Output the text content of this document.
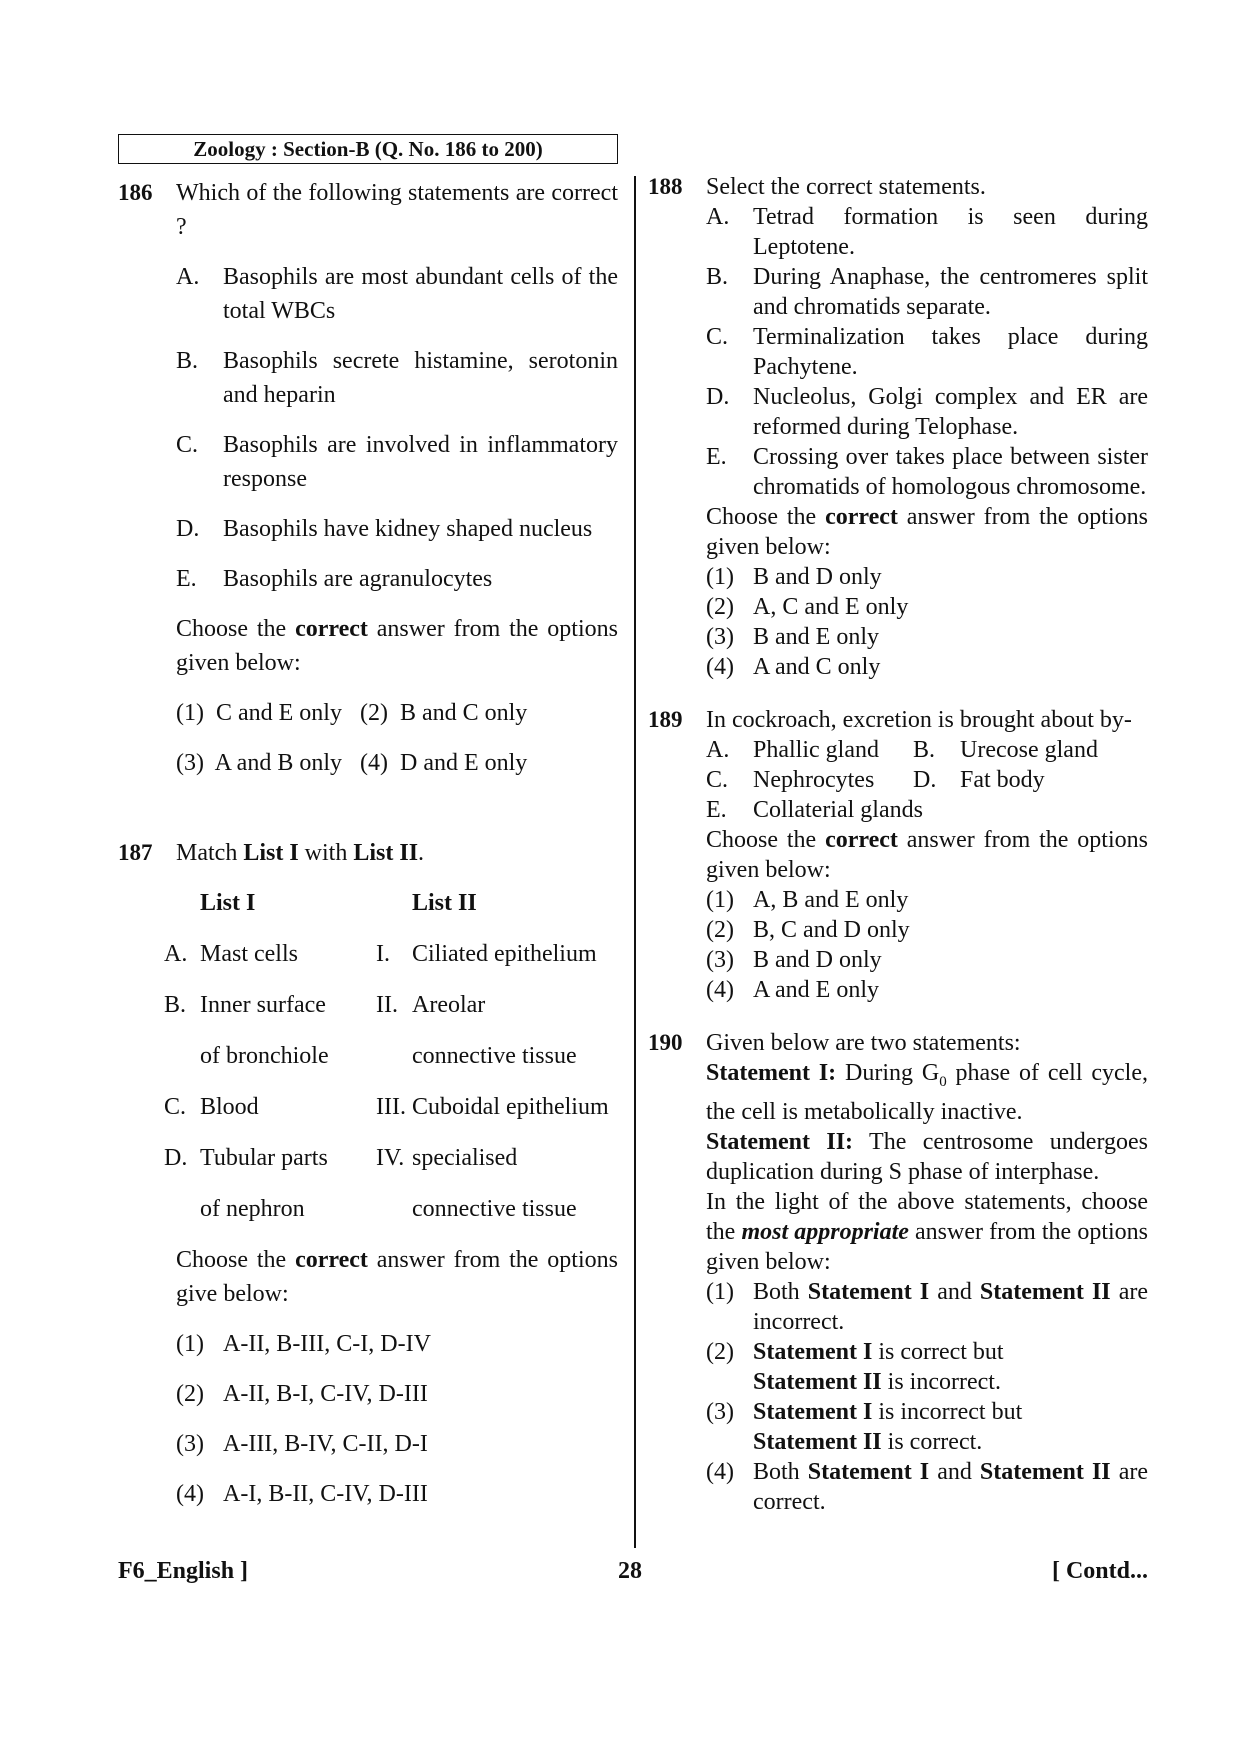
Zoology : Section-B (Q. No. 186 to 200)
186 Which of the following statements are correct ?
A. Basophils are most abundant cells of the total WBCs
B.	Basophils secrete histamine, serotonin and heparin
C.	Basophils are involved in inflammatory response
D. Basophils have kidney shaped nucleus
E.	Basophils are agranulocytes
Choose the correct answer from the options given below:
(1)  C and E only   (2)  B and C only
(3)  A and B only   (4)  D and E only
187 Match List I with List II.
List I	List II
A. Mast cells	I. Ciliated epithelium
B. Inner surface	II. Areolar
of bronchiole	connective tissue
C. Blood	III. Cuboidal epithelium
D. Tubular parts	IV. specialised
of nephron	connective tissue
Choose the correct answer from the options give below:
(1) A-II, B-III, C-I, D-IV
(2) A-II, B-I, C-IV, D-III
(3) A-III, B-IV, C-II, D-I
(4) A-I, B-II, C-IV, D-III
188 Select the correct statements.
A. Tetrad formation is seen during Leptotene.
B.	During Anaphase, the centromeres split and chromatids separate.
C.	Terminalization takes place during Pachytene.
D. Nucleolus, Golgi complex and ER are reformed during Telophase.
E.	Crossing over takes place between sister chromatids of homologous chromosome.
Choose the correct answer from the options given below:
(1) B and D only
(2) A, C and E only
(3) B and E only
(4) A and C only
189 In cockroach, excretion is brought about by-
A. Phallic gland	B.	Urecose gland
C.	Nephrocytes	D. Fat body
E.	Collaterial glands
Choose the correct answer from the options given below:
(1) A, B and E only
(2) B, C and D only
(3) B and D only
(4) A and E only
190 Given below are two statements:
Statement I: During $G_0$ phase of cell cycle, the cell is metabolically inactive.
Statement II: The centrosome undergoes duplication during S phase of interphase.
In the light of the above statements, choose the most appropriate answer from the options given below:
(1) Both Statement I and Statement II are incorrect.
(2) Statement I is correct but
Statement II is incorrect.
(3) Statement I is incorrect but
Statement II is correct.
(4) Both Statement I and Statement II are correct.
F6_English ]	28	[ Contd...
